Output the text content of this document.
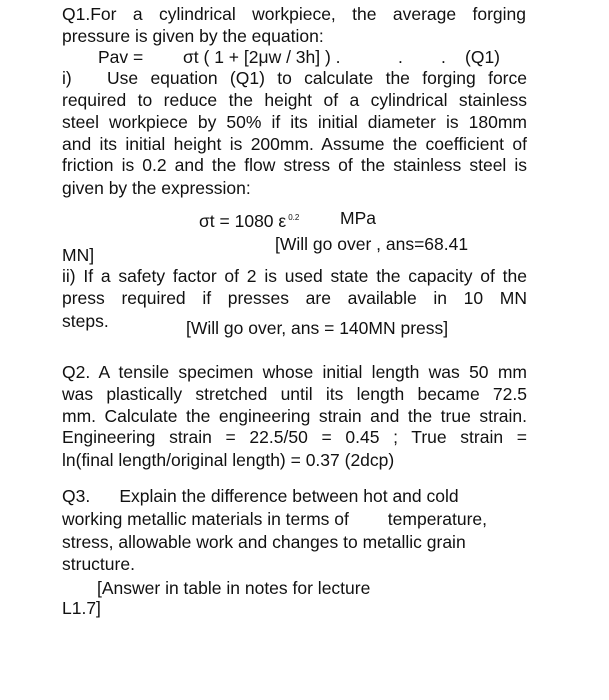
Q1.For a cylindrical workpiece, the average forging
pressure is given by the equation:
Pav = σt ( 1 + [2μw / 3h] ) .	. . (Q1)
i) Use equation (Q1) to calculate the forging force
required to reduce the height of a cylindrical stainless
steel workpiece by 50% if its initial diameter is 180mm
and its initial height is 200mm. Assume the coefficient of
friction is 0.2 and the flow stress of the stainless steel is
given by the expression:
σt = 1080 ε $^{0.2}$ MPa
[Will go over , ans=68.41
MN]
ii) If a safety factor of 2 is used state the capacity of the
press required if presses are available in 10 MN
steps.	[Will go over, ans = 140MN press]
Q2. A tensile specimen whose initial length was 50 mm
was plastically stretched until its length became 72.5
mm. Calculate the engineering strain and the true strain.
Engineering strain = 22.5/50 = 0.45 ; True strain =
ln(final length/original length) = 0.37 (2dcp)
Q3.      Explain the difference between hot and cold
working metallic materials in terms of        temperature,
stress, allowable work and changes to metallic grain
structure.
[Answer in table in notes for lecture
L1.7]
